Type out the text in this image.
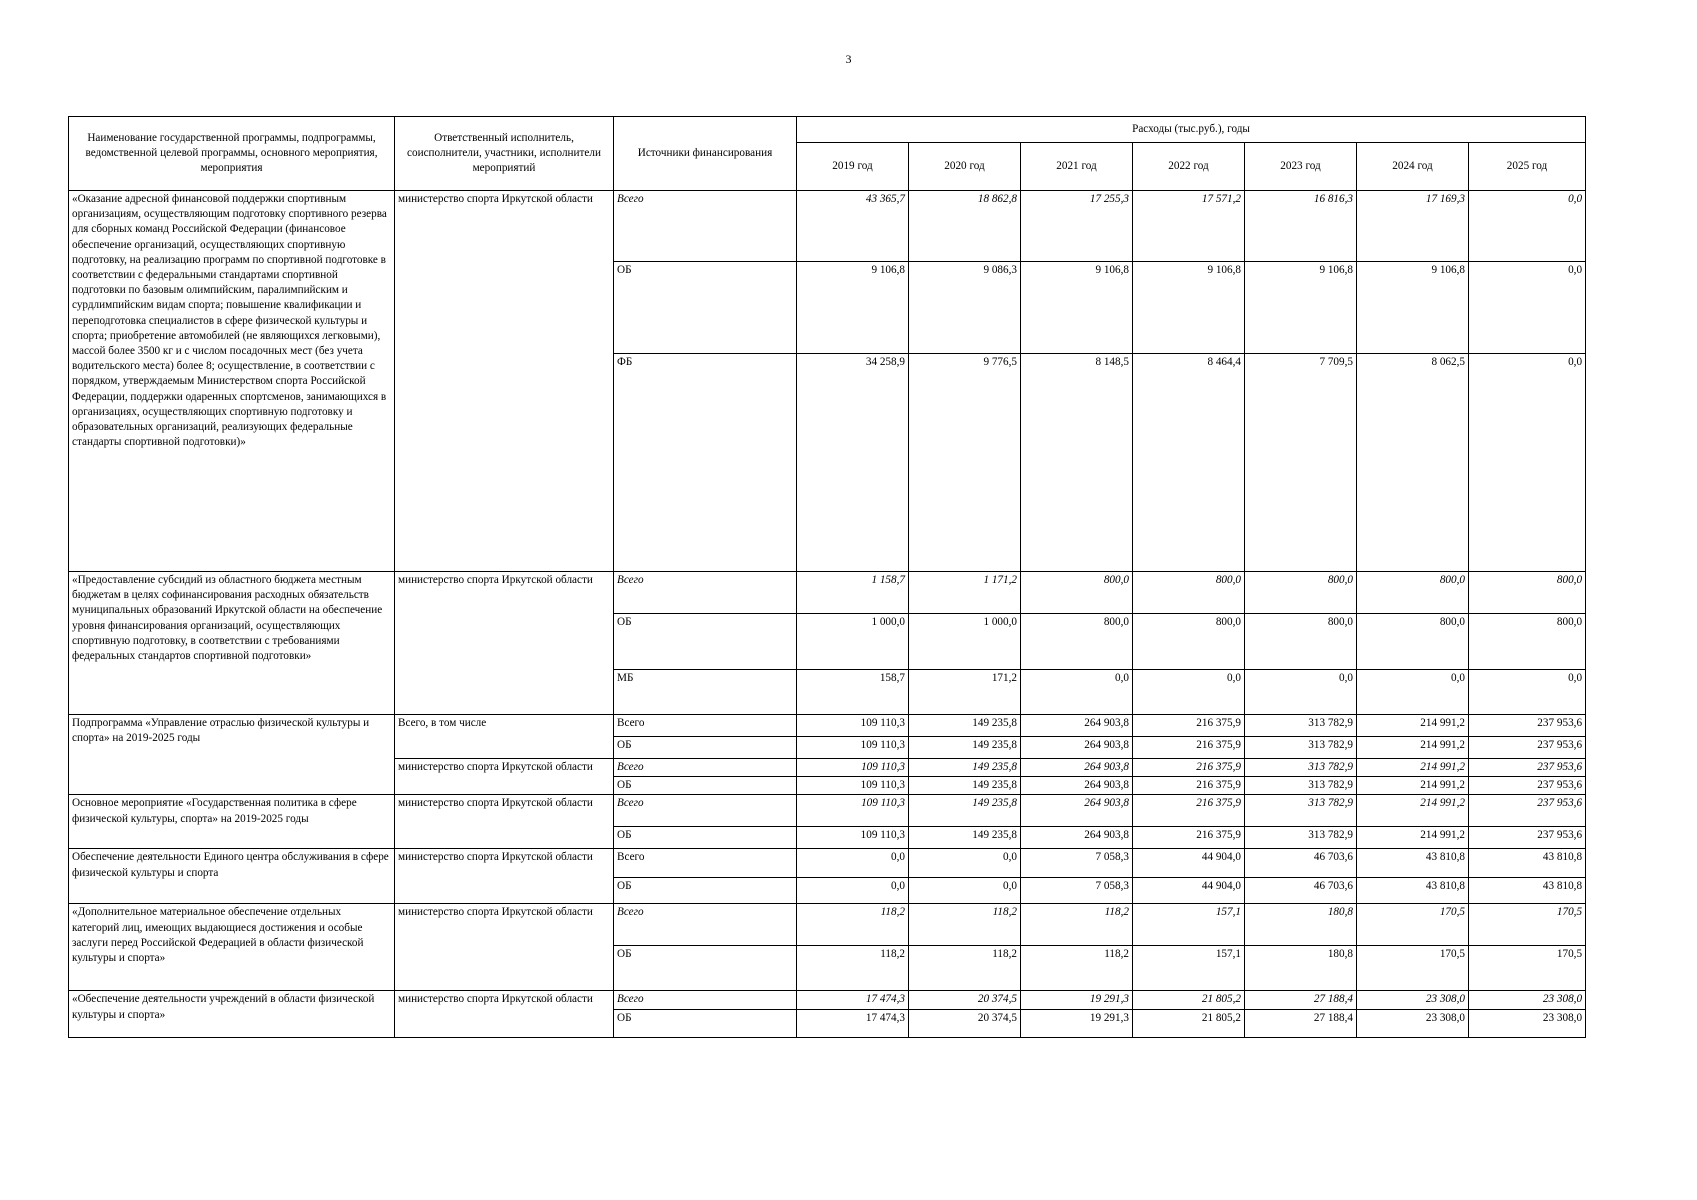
3
Наименование государственной программы, подпрограммы, ведомственной целевой программы, основного мероприятия, мероприятия	Ответственный исполнитель, соисполнители, участники, исполнители мероприятий	Источники финансирования	Расходы (тыс.руб.), годы						
			2019 год	2020 год	2021 год	2022 год	2023 год	2024 год	2025 год
«Оказание адресной финансовой поддержки спортивным организациям, осуществляющим подготовку спортивного резерва для сборных команд Российской Федерации (финансовое обеспечение организаций, осуществляющих спортивную подготовку, на реализацию программ по спортивной подготовке в соответствии с федеральными стандартами спортивной подготовки по базовым олимпийским, паралимпийским и сурдлимпийским видам спорта; повышение квалификации и переподготовка специалистов в сфере физической культуры и спорта; приобретение автомобилей (не являющихся легковыми), массой более 3500 кг и с числом посадочных мест (без учета водительского места) более 8; осуществление, в соответствии с порядком, утверждаемым Министерством спорта Российской Федерации, поддержки одаренных спортсменов, занимающихся в организациях, осуществляющих спортивную подготовку и образовательных организаций, реализующих федеральные стандарты спортивной подготовки)»	министерство спорта Иркутской области	Всего	43 365,7	18 862,8	17 255,3	17 571,2	16 816,3	17 169,3	0,0
		ОБ	9 106,8	9 086,3	9 106,8	9 106,8	9 106,8	9 106,8	0,0
		ФБ	34 258,9	9 776,5	8 148,5	8 464,4	7 709,5	8 062,5	0,0
«Предоставление субсидий из областного бюджета местным бюджетам в целях софинансирования расходных обязательств муниципальных образований Иркутской области на обеспечение уровня финансирования организаций, осуществляющих спортивную подготовку, в соответствии с требованиями федеральных стандартов спортивной подготовки»	министерство спорта Иркутской области	Всего	1 158,7	1 171,2	800,0	800,0	800,0	800,0	800,0
		ОБ	1 000,0	1 000,0	800,0	800,0	800,0	800,0	800,0
		МБ	158,7	171,2	0,0	0,0	0,0	0,0	0,0
Подпрограмма «Управление отраслью физической культуры и спорта» на 2019-2025 годы	Всего, в том числе	Всего	109 110,3	149 235,8	264 903,8	216 375,9	313 782,9	214 991,2	237 953,6
		ОБ	109 110,3	149 235,8	264 903,8	216 375,9	313 782,9	214 991,2	237 953,6
	министерство спорта Иркутской области	Всего	109 110,3	149 235,8	264 903,8	216 375,9	313 782,9	214 991,2	237 953,6
		ОБ	109 110,3	149 235,8	264 903,8	216 375,9	313 782,9	214 991,2	237 953,6
Основное мероприятие «Государственная политика в сфере физической культуры, спорта» на 2019-2025 годы	министерство спорта Иркутской области	Всего	109 110,3	149 235,8	264 903,8	216 375,9	313 782,9	214 991,2	237 953,6
		ОБ	109 110,3	149 235,8	264 903,8	216 375,9	313 782,9	214 991,2	237 953,6
Обеспечение деятельности Единого центра обслуживания в сфере физической культуры и спорта	министерство спорта Иркутской области	Всего	0,0	0,0	7 058,3	44 904,0	46 703,6	43 810,8	43 810,8
		ОБ	0,0	0,0	7 058,3	44 904,0	46 703,6	43 810,8	43 810,8
«Дополнительное материальное обеспечение отдельных категорий лиц, имеющих выдающиеся достижения и особые заслуги перед Российской Федерацией в области физической культуры и спорта»	министерство спорта Иркутской области	Всего	118,2	118,2	118,2	157,1	180,8	170,5	170,5
		ОБ	118,2	118,2	118,2	157,1	180,8	170,5	170,5
«Обеспечение деятельности учреждений в области физической культуры и спорта»	министерство спорта Иркутской области	Всего	17 474,3	20 374,5	19 291,3	21 805,2	27 188,4	23 308,0	23 308,0
		ОБ	17 474,3	20 374,5	19 291,3	21 805,2	27 188,4	23 308,0	23 308,0
